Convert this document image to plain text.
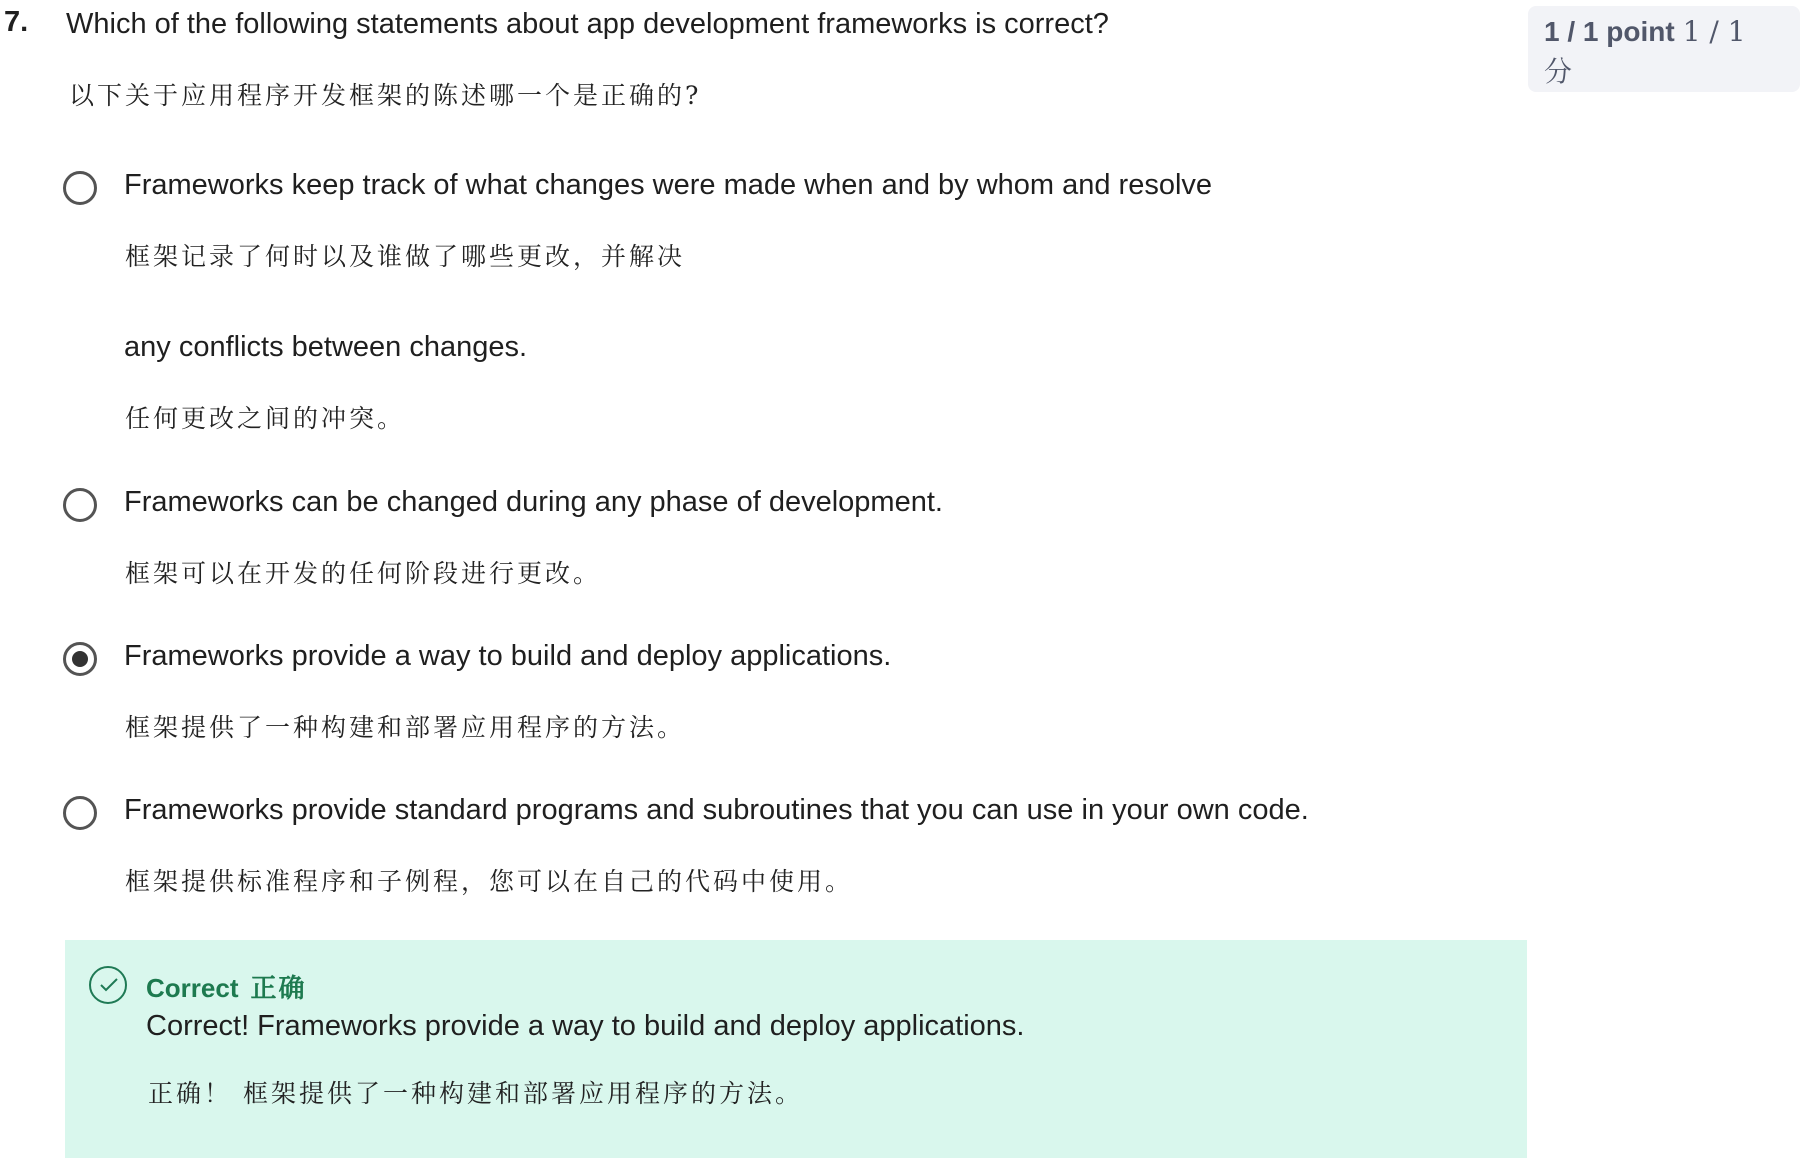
7. Which of the following statements about app development frameworks is correct?
以下关于应用程序开发框架的陈述哪一个是正确的?
1 / 1 point 1 / 1
分
Frameworks keep track of what changes were made when and by whom and resolve
框架记录了何时以及谁做了哪些更改，并解决
any conflicts between changes.
任何更改之间的冲突。
Frameworks can be changed during any phase of development.
框架可以在开发的任何阶段进行更改。
Frameworks provide a way to build and deploy applications.
框架提供了一种构建和部署应用程序的方法。
Frameworks provide standard programs and subroutines that you can use in your own code.
框架提供标准程序和子例程，您可以在自己的代码中使用。
Correct 正确
Correct! Frameworks provide a way to build and deploy applications.
正确！ 框架提供了一种构建和部署应用程序的方法。
